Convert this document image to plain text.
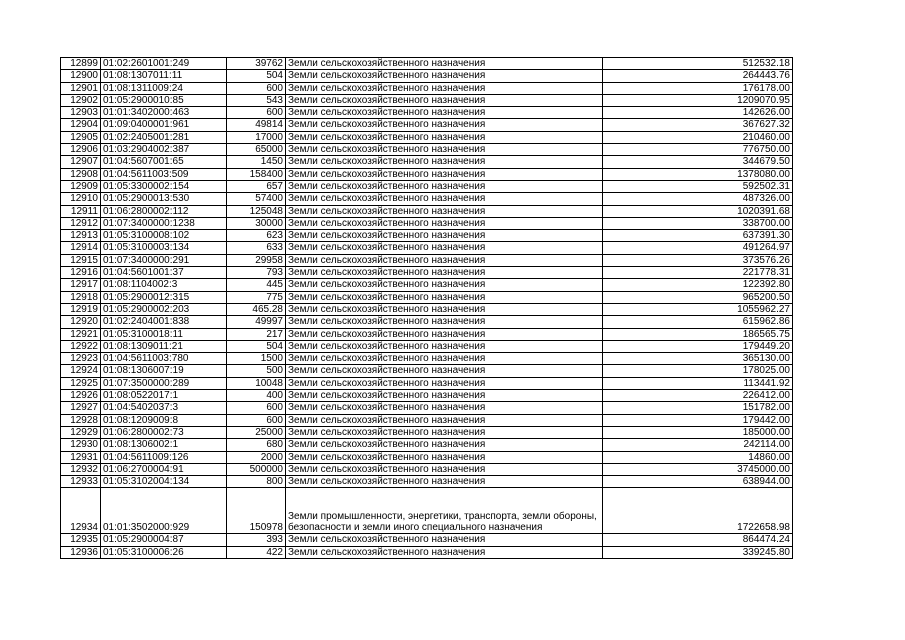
12899	01:02:2601001:249	39762	Земли сельскохозяйственного назначения	512532.18
12900	01:08:1307011:11	504	Земли сельскохозяйственного назначения	264443.76
12901	01:08:1311009:24	600	Земли сельскохозяйственного назначения	176178.00
12902	01:05:2900010:85	543	Земли сельскохозяйственного назначения	1209070.95
12903	01:01:3402000:463	600	Земли сельскохозяйственного назначения	142626.00
12904	01:09:0400001:961	49814	Земли сельскохозяйственного назначения	367627.32
12905	01:02:2405001:281	17000	Земли сельскохозяйственного назначения	210460.00
12906	01:03:2904002:387	65000	Земли сельскохозяйственного назначения	776750.00
12907	01:04:5607001:65	1450	Земли сельскохозяйственного назначения	344679.50
12908	01:04:5611003:509	158400	Земли сельскохозяйственного назначения	1378080.00
12909	01:05:3300002:154	657	Земли сельскохозяйственного назначения	592502.31
12910	01:05:2900013:530	57400	Земли сельскохозяйственного назначения	487326.00
12911	01:06:2800002:112	125048	Земли сельскохозяйственного назначения	1020391.68
12912	01:07:3400000:1238	30000	Земли сельскохозяйственного назначения	338700.00
12913	01:05:3100008:102	623	Земли сельскохозяйственного назначения	637391.30
12914	01:05:3100003:134	633	Земли сельскохозяйственного назначения	491264.97
12915	01:07:3400000:291	29958	Земли сельскохозяйственного назначения	373576.26
12916	01:04:5601001:37	793	Земли сельскохозяйственного назначения	221778.31
12917	01:08:1104002:3	445	Земли сельскохозяйственного назначения	122392.80
12918	01:05:2900012:315	775	Земли сельскохозяйственного назначения	965200.50
12919	01:05:2900002:203	465.28	Земли сельскохозяйственного назначения	1055962.27
12920	01:02:2404001:838	49997	Земли сельскохозяйственного назначения	615962.86
12921	01:05:3100018:11	217	Земли сельскохозяйственного назначения	186565.75
12922	01:08:1309011:21	504	Земли сельскохозяйственного назначения	179449.20
12923	01:04:5611003:780	1500	Земли сельскохозяйственного назначения	365130.00
12924	01:08:1306007:19	500	Земли сельскохозяйственного назначения	178025.00
12925	01:07:3500000:289	10048	Земли сельскохозяйственного назначения	113441.92
12926	01:08:0522017:1	400	Земли сельскохозяйственного назначения	226412.00
12927	01:04:5402037:3	600	Земли сельскохозяйственного назначения	151782.00
12928	01:08:1209009:8	600	Земли сельскохозяйственного назначения	179442.00
12929	01:06:2800002:73	25000	Земли сельскохозяйственного назначения	185000.00
12930	01:08:1306002:1	680	Земли сельскохозяйственного назначения	242114.00
12931	01:04:5611009:126	2000	Земли сельскохозяйственного назначения	14860.00
12932	01:06:2700004:91	500000	Земли сельскохозяйственного назначения	3745000.00
12933	01:05:3102004:134	800	Земли сельскохозяйственного назначения	638944.00
12934	01:01:3502000:929	150978	Земли промышленности, энергетики, транспорта, земли обороны, безопасности и земли иного специального назначения	1722658.98
12935	01:05:2900004:87	393	Земли сельскохозяйственного назначения	864474.24
12936	01:05:3100006:26	422	Земли сельскохозяйственного назначения	339245.80
